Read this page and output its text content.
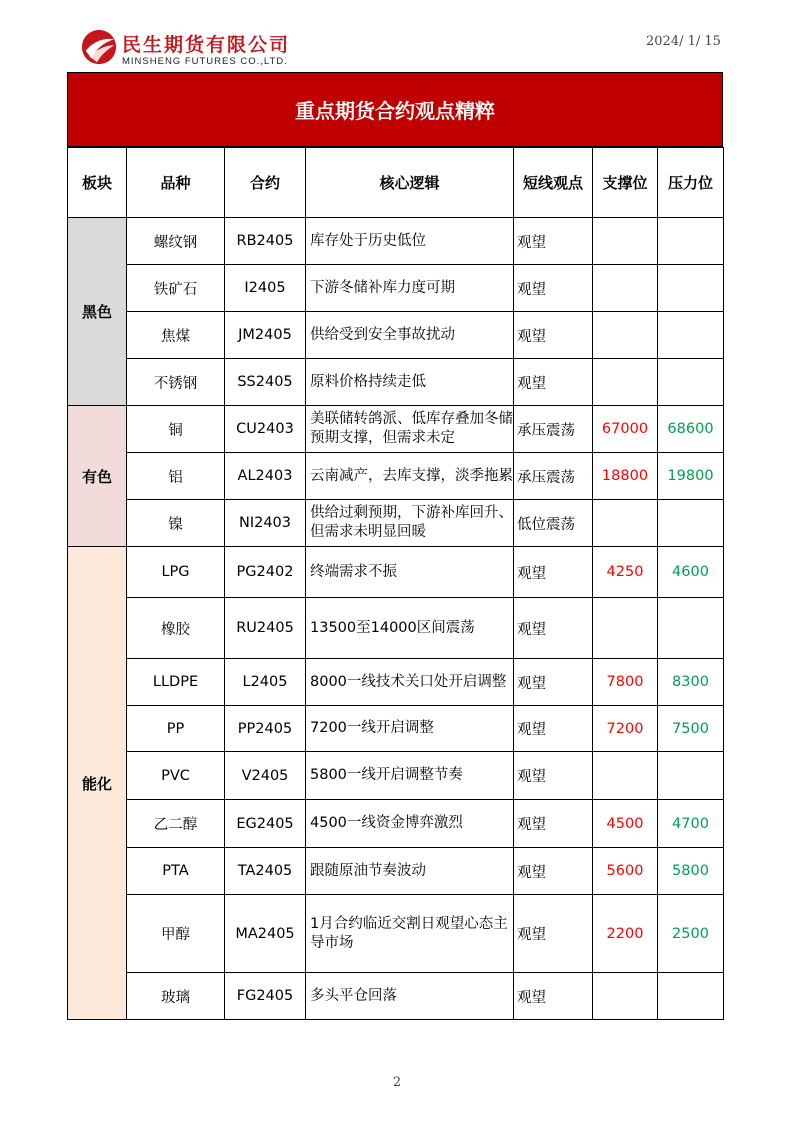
民生期货有限公司
MINSHENG FUTURES CO.,LTD.
2024/ 1/ 15
重点期货合约观点精粹
板块	品种	合约	核心逻辑	短线观点	支撑位	压力位
黑色	螺纹钢	RB2405	库存处于历史低位	观望		
	铁矿石	I2405	下游冬储补库力度可期	观望		
	焦煤	JM2405	供给受到安全事故扰动	观望		
	不锈钢	SS2405	原料价格持续走低	观望		
有色	铜	CU2403	美联储转鸽派、低库存叠加冬储预期支撑，但需求未定	承压震荡	67000	68600
	铝	AL2403	云南减产，去库支撑，淡季拖累	承压震荡	18800	19800
	镍	NI2403	供给过剩预期，下游补库回升、但需求未明显回暖	低位震荡		
能化	LPG	PG2402	终端需求不振	观望	4250	4600
	橡胶	RU2405	13500至14000区间震荡	观望		
	LLDPE	L2405	8000一线技术关口处开启调整	观望	7800	8300
	PP	PP2405	7200一线开启调整	观望	7200	7500
	PVC	V2405	5800一线开启调整节奏	观望		
	乙二醇	EG2405	4500一线资金博弈激烈	观望	4500	4700
	PTA	TA2405	跟随原油节奏波动	观望	5600	5800
	甲醇	MA2405	1月合约临近交割日观望心态主导市场	观望	2200	2500
	玻璃	FG2405	多头平仓回落	观望		
2
